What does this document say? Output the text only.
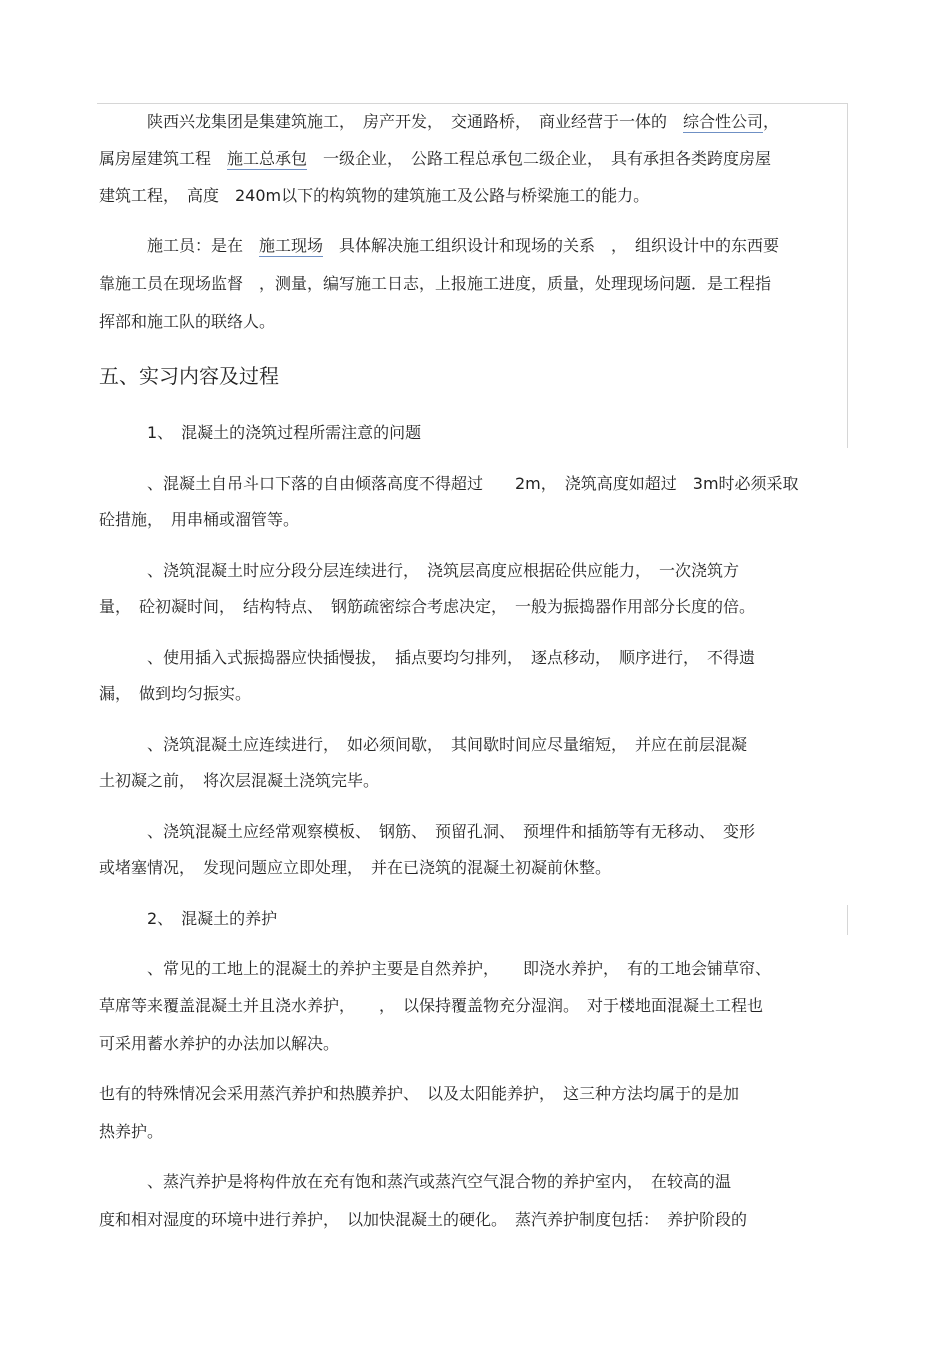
陕西兴龙集团是集建筑施工，　房产开发，　交通路桥，　商业经营于一体的　综合性公司，
属房屋建筑工程　施工总承包　一级企业，　公路工程总承包二级企业，　具有承担各类跨度房屋
建筑工程，　高度　240m以下的构筑物的建筑施工及公路与桥梁施工的能力。
施工员：是在　施工现场　具体解决施工组织设计和现场的关系　，　组织设计中的东西要
靠施工员在现场监督　，测量，编写施工日志，上报施工进度，质量，处理现场问题．是工程指
挥部和施工队的联络人。
五、实习内容及过程
1、　混凝土的浇筑过程所需注意的问题
、混凝土自吊斗口下落的自由倾落高度不得超过　　2m，　浇筑高度如超过　3m时必须采取
砼措施，　用串桶或溜管等。
、浇筑混凝土时应分段分层连续进行，　浇筑层高度应根据砼供应能力，　一次浇筑方
量，　砼初凝时间，　结构特点、　钢筋疏密综合考虑决定，　一般为振捣器作用部分长度的倍。
、使用插入式振捣器应快插慢拔，　插点要均匀排列，　逐点移动，　顺序进行，　不得遗
漏，　做到均匀振实。
、浇筑混凝土应连续进行，　如必须间歇，　其间歇时间应尽量缩短，　并应在前层混凝
土初凝之前，　将次层混凝土浇筑完毕。
、浇筑混凝土应经常观察模板、　钢筋、　预留孔洞、　预埋件和插筋等有无移动、　变形
或堵塞情况，　发现问题应立即处理，　并在已浇筑的混凝土初凝前休整。
2、　混凝土的养护
、常见的工地上的混凝土的养护主要是自然养护，　　即浇水养护，　有的工地会铺草帘、
草席等来覆盖混凝土并且浇水养护，　　，　以保持覆盖物充分湿润。　对于楼地面混凝土工程也
可采用蓄水养护的办法加以解决。
也有的特殊情况会采用蒸汽养护和热膜养护、　以及太阳能养护，　这三种方法均属于的是加
热养护。
、蒸汽养护是将构件放在充有饱和蒸汽或蒸汽空气混合物的养护室内，　在较高的温
度和相对湿度的环境中进行养护，　以加快混凝土的硬化。　蒸汽养护制度包括：　养护阶段的
